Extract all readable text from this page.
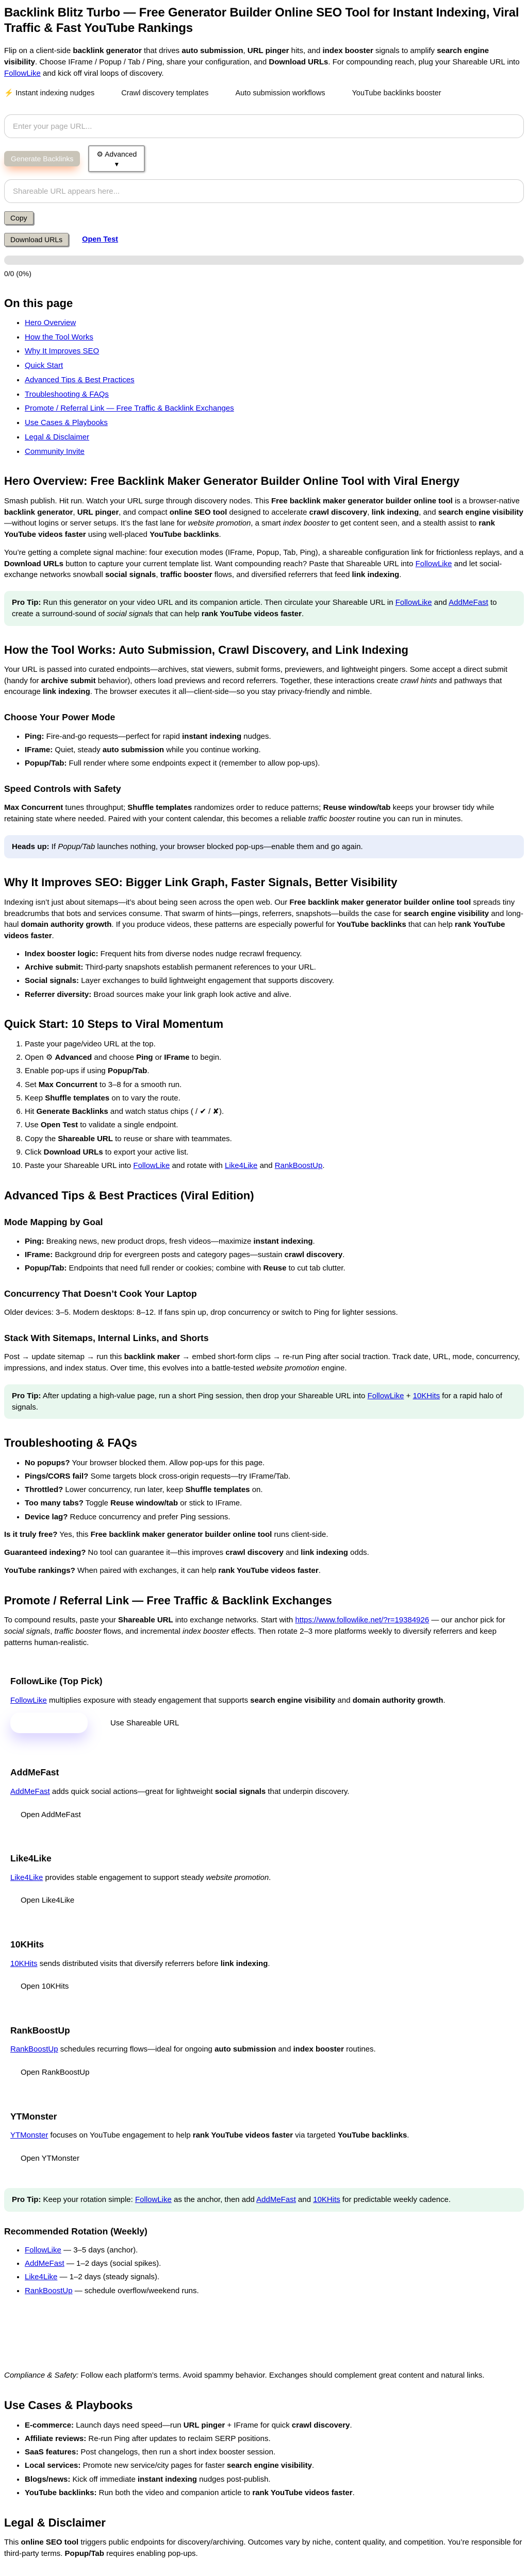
Backlink Blitz Turbo — Free Generator Builder Online SEO Tool for Instant Indexing, Viral Traffic & Fast YouTube Rankings

Flip on a client-side backlink generator that drives auto submission, URL pinger hits, and index booster signals to amplify search engine visibility. Choose IFrame / Popup / Tab / Ping, share your configuration, and Download URLs. For compounding reach, plug your Shareable URL into FollowLike and kick off viral loops of discovery.

⚡ Instant indexing nudges	Crawl discovery templates	Auto submission workflows	YouTube backlinks booster
Enter your page URL...
Generate Backlinks
⚙ Advanced
▼
Shareable URL appears here...
Copy
Download URLs	Open Test
0/0 (0%)
On this page
• Hero Overview
• How the Tool Works
• Why It Improves SEO
• Quick Start
• Advanced Tips & Best Practices
• Troubleshooting & FAQs
• Promote / Referral Link — Free Traffic & Backlink Exchanges
• Use Cases & Playbooks
• Legal & Disclaimer
• Community Invite
Hero Overview: Free Backlink Maker Generator Builder Online Tool with Viral Energy

Smash publish. Hit run. Watch your URL surge through discovery nodes. This Free backlink maker generator builder online tool is a browser-native backlink generator, URL pinger, and compact online SEO tool designed to accelerate crawl discovery, link indexing, and search engine visibility—without logins or server setups. It’s the fast lane for website promotion, a smart index booster to get content seen, and a stealth assist to rank YouTube videos faster using well-placed YouTube backlinks.

You’re getting a complete signal machine: four execution modes (IFrame, Popup, Tab, Ping), a shareable configuration link for frictionless replays, and a Download URLs button to capture your current template list. Want compounding reach? Paste that Shareable URL into FollowLike and let social-exchange networks snowball social signals, traffic booster flows, and diversified referrers that feed link indexing.

Pro Tip: Run this generator on your video URL and its companion article. Then circulate your Shareable URL in FollowLike and AddMeFast to create a surround-sound of social signals that can help rank YouTube videos faster.
How the Tool Works: Auto Submission, Crawl Discovery, and Link Indexing

Your URL is passed into curated endpoints—archives, stat viewers, submit forms, previewers, and lightweight pingers. Some accept a direct submit (handy for archive submit behavior), others load previews and record referrers. Together, these interactions create crawl hints and pathways that encourage link indexing. The browser executes it all—client-side—so you stay privacy-friendly and nimble.

Choose Your Power Mode
• Ping: Fire-and-go requests—perfect for rapid instant indexing nudges.
• IFrame: Quiet, steady auto submission while you continue working.
• Popup/Tab: Full render where some endpoints expect it (remember to allow pop-ups).
Speed Controls with Safety

Max Concurrent tunes throughput; Shuffle templates randomizes order to reduce patterns; Reuse window/tab keeps your browser tidy while retaining state where needed. Paired with your content calendar, this becomes a reliable traffic booster routine you can run in minutes.

Heads up: If Popup/Tab launches nothing, your browser blocked pop-ups—enable them and go again.
Why It Improves SEO: Bigger Link Graph, Faster Signals, Better Visibility

Indexing isn’t just about sitemaps—it’s about being seen across the open web. Our Free backlink maker generator builder online tool spreads tiny breadcrumbs that bots and services consume. That swarm of hints—pings, referrers, snapshots—builds the case for search engine visibility and long-haul domain authority growth. If you produce videos, these patterns are especially powerful for YouTube backlinks that can help rank YouTube videos faster.

• Index booster logic: Frequent hits from diverse nodes nudge recrawl frequency.
• Archive submit: Third-party snapshots establish permanent references to your URL.
• Social signals: Layer exchanges to build lightweight engagement that supports discovery.
• Referrer diversity: Broad sources make your link graph look active and alive.
Quick Start: 10 Steps to Viral Momentum
1. Paste your page/video URL at the top.
2. Open ⚙ Advanced and choose Ping or IFrame to begin.
3. Enable pop-ups if using Popup/Tab.
4. Set Max Concurrent to 3–8 for a smooth run.
5. Keep Shuffle templates on to vary the route.
6. Hit Generate Backlinks and watch status chips ( / ✔ / ✘).
7. Use Open Test to validate a single endpoint.
8. Copy the Shareable URL to reuse or share with teammates.
9. Click Download URLs to export your active list.
10. Paste your Shareable URL into FollowLike and rotate with Like4Like and RankBoostUp.
Advanced Tips & Best Practices (Viral Edition)
Mode Mapping by Goal
• Ping: Breaking news, new product drops, fresh videos—maximize instant indexing.
• IFrame: Background drip for evergreen posts and category pages—sustain crawl discovery.
• Popup/Tab: Endpoints that need full render or cookies; combine with Reuse to cut tab clutter.
Concurrency That Doesn’t Cook Your Laptop

Older devices: 3–5. Modern desktops: 8–12. If fans spin up, drop concurrency or switch to Ping for lighter sessions.

Stack With Sitemaps, Internal Links, and Shorts

Post → update sitemap → run this backlink maker → embed short-form clips → re-run Ping after social traction. Track date, URL, mode, concurrency, impressions, and index status. Over time, this evolves into a battle-tested website promotion engine.

Pro Tip: After updating a high-value page, run a short Ping session, then drop your Shareable URL into FollowLike + 10KHits for a rapid halo of signals.
Troubleshooting & FAQs
• No popups? Your browser blocked them. Allow pop-ups for this page.
• Pings/CORS fail? Some targets block cross-origin requests—try IFrame/Tab.
• Throttled? Lower concurrency, run later, keep Shuffle templates on.
• Too many tabs? Toggle Reuse window/tab or stick to IFrame.
• Device lag? Reduce concurrency and prefer Ping sessions.

Is it truly free? Yes, this Free backlink maker generator builder online tool runs client-side.

Guaranteed indexing? No tool can guarantee it—this improves crawl discovery and link indexing odds.

YouTube rankings? When paired with exchanges, it can help rank YouTube videos faster.

Promote / Referral Link — Free Traffic & Backlink Exchanges

To compound results, paste your Shareable URL into exchange networks. Start with https://www.followlike.net/?r=19384926 — our anchor pick for social signals, traffic booster flows, and incremental index booster effects. Then rotate 2–3 more platforms weekly to diversify referrers and keep patterns human-realistic.

FollowLike (Top Pick)

FollowLike multiplies exposure with steady engagement that supports search engine visibility and domain authority growth.

Use Shareable URL
AddMeFast

AddMeFast adds quick social actions—great for lightweight social signals that underpin discovery.

Open AddMeFast
Like4Like

Like4Like provides stable engagement to support steady website promotion.

Open Like4Like
10KHits

10KHits sends distributed visits that diversify referrers before link indexing.

Open 10KHits
RankBoostUp

RankBoostUp schedules recurring flows—ideal for ongoing auto submission and index booster routines.

Open RankBoostUp
YTMonster

YTMonster focuses on YouTube engagement to help rank YouTube videos faster via targeted YouTube backlinks.

Open YTMonster
Pro Tip: Keep your rotation simple: FollowLike as the anchor, then add AddMeFast and 10KHits for predictable weekly cadence.
Recommended Rotation (Weekly)
• FollowLike — 3–5 days (anchor).
• AddMeFast — 1–2 days (social spikes).
• Like4Like — 1–2 days (steady signals).
• RankBoostUp — schedule overflow/weekend runs.

Compliance & Safety: Follow each platform’s terms. Avoid spammy behavior. Exchanges should complement great content and natural links.

Use Cases & Playbooks
• E-commerce: Launch days need speed—run URL pinger + IFrame for quick crawl discovery.
• Affiliate reviews: Re-run Ping after updates to reclaim SERP positions.
• SaaS features: Post changelogs, then run a short index booster session.
• Local services: Promote new service/city pages for faster search engine visibility.
• Blogs/news: Kick off immediate instant indexing nudges post-publish.
• YouTube backlinks: Run both the video and companion article to rank YouTube videos faster.
Legal & Disclaimer

This online SEO tool triggers public endpoints for discovery/archiving. Outcomes vary by niche, content quality, and competition. You’re responsible for third-party terms. Popup/Tab requires enabling pop-ups.
